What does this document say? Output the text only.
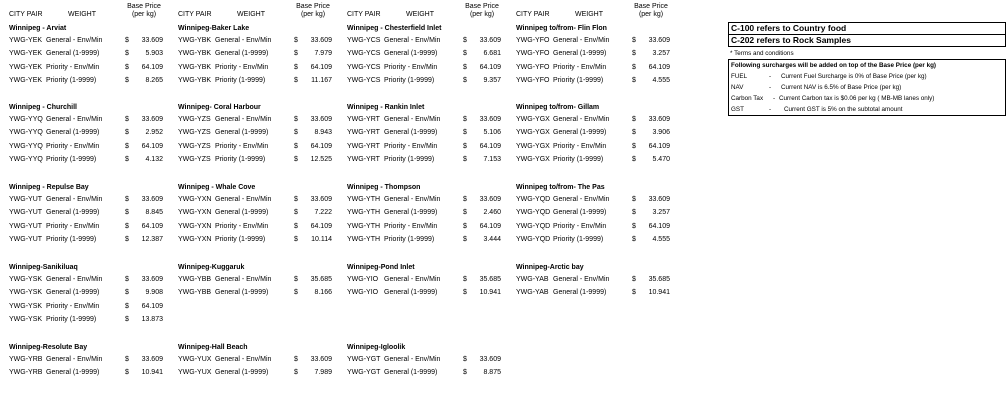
CITY PAIR	WEIGHT
Base Price
(per kg)	CITY PAIR	WEIGHT
Base Price
(per kg)	CITY PAIR	WEIGHT
Base Price
(per kg)	CITY PAIR	WEIGHT
Base Price
(per kg)
Winnipeg - Arviat
YWG-YEK General - Env/Min	$	33.609
YWG-YEK General (1-9999)	$	5.903
YWG-YEK Priority - Env/Min	$	64.109
YWG-YEK Priority (1-9999)	$	8.265
Winnipeg-Baker Lake
YWG-YBK General - Env/Min	$	33.609
YWG-YBK General (1-9999)	$	7.979
YWG-YBK Priority - Env/Min	$	64.109
YWG-YBK Priority (1-9999)	$	11.167
Winnipeg - Chesterfield Inlet
YWG-YCS General - Env/Min	$	33.609
YWG-YCS General (1-9999)	$	6.681
YWG-YCS Priority - Env/Min	$	64.109
YWG-YCS Priority (1-9999)	$	9.357
Winnipeg to/from- Flin Flon
YWG-YFO General - Env/Min	$	33.609
YWG-YFO General (1-9999)	$	3.257
YWG-YFO Priority - Env/Min	$	64.109
YWG-YFO Priority (1-9999)	$	4.555
Winnipeg - Churchill
YWG-YYQ General - Env/Min	$	33.609
YWG-YYQ General (1-9999)	$	2.952
YWG-YYQ Priority - Env/Min	$	64.109
YWG-YYQ Priority (1-9999)	$	4.132
Winnipeg- Coral Harbour
YWG-YZS General - Env/Min	$	33.609
YWG-YZS General (1-9999)	$	8.943
YWG-YZS Priority - Env/Min	$	64.109
YWG-YZS Priority (1-9999)	$	12.525
Winnipeg - Rankin Inlet
YWG-YRT General - Env/Min	$	33.609
YWG-YRT General (1-9999)	$	5.106
YWG-YRT Priority - Env/Min	$	64.109
YWG-YRT Priority (1-9999)	$	7.153
Winnipeg to/from- Gillam
YWG-YGX General - Env/Min	$	33.609
YWG-YGX General (1-9999)	$	3.906
YWG-YGX Priority - Env/Min	$	64.109
YWG-YGX Priority (1-9999)	$	5.470
Winnipeg - Repulse Bay
YWG-YUT General - Env/Min	$	33.609
YWG-YUT General (1-9999)	$	8.845
YWG-YUT Priority - Env/Min	$	64.109
YWG-YUT Priority (1-9999)	$	12.387
Winnipeg - Whale Cove
YWG-YXN General - Env/Min	$	33.609
YWG-YXN General (1-9999)	$	7.222
YWG-YXN Priority - Env/Min	$	64.109
YWG-YXN Priority (1-9999)	$	10.114
Winnipeg - Thompson
YWG-YTH General - Env/Min	$	33.609
YWG-YTH General (1-9999)	$	2.460
YWG-YTH Priority - Env/Min	$	64.109
YWG-YTH Priority (1-9999)	$	3.444
Winnipeg to/from- The Pas
YWG-YQD General - Env/Min	$	33.609
YWG-YQD General (1-9999)	$	3.257
YWG-YQD Priority - Env/Min	$	64.109
YWG-YQD Priority (1-9999)	$	4.555
Winnipeg-Sanikiluaq
YWG-YSK General - Env/Min	$	33.609
YWG-YSK General (1-9999)	$	9.908
YWG-YSK Priority - Env/Min	$	64.109
YWG-YSK Priority (1-9999)	$	13.873
Winnipeg-Kuggaruk
YWG-YBB General - Env/Min	$	35.685
YWG-YBB General (1-9999)	$	8.166
Winnipeg-Pond Inlet
YWG-YIO General - Env/Min	$	35.685
YWG-YIO General (1-9999)	$	10.941
Winnipeg-Arctic bay
YWG-YAB General - Env/Min	$	35.685
YWG-YAB General (1-9999)	$	10.941
Winnipeg-Resolute Bay
YWG-YRB General - Env/Min	$	33.609
YWG-YRB General (1-9999)	$	10.941
Winnipeg-Hall Beach
YWG-YUX General - Env/Min	$	33.609
YWG-YUX General (1-9999)	$	7.989
Winnipeg-Igloolik
YWG-YGT General - Env/Min	$	33.609
YWG-YGT General (1-9999)	$	8.875
C-100 refers to Country food
C-202 refers to Rock Samples
* Terms and conditions
Following surcharges will be added on top of the Base Price (per kg)
FUEL	- Current Fuel Surcharge is 0% of Base Price (per kg)
NAV	- Current NAV is 6.5% of Base Price (per kg)
Carbon Tax - Current Carbon tax is $0.06 per kg ( MB-MB lanes only)
GST	- Current GST is 5% on the subtotal amount
